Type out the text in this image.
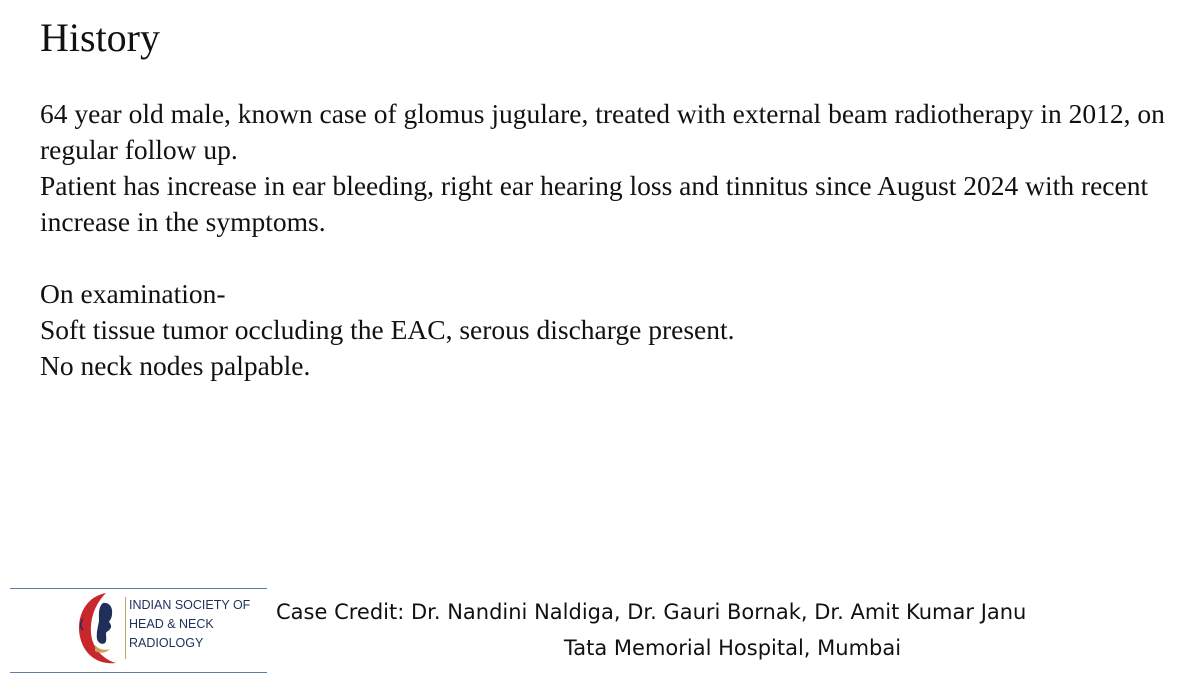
History

64 year old male, known case of glomus jugulare, treated with external beam radiotherapy in 2012, on regular follow up.

Patient has increase in ear bleeding, right ear hearing loss and tinnitus since August 2024 with recent increase in the symptoms.

On examination-

Soft tissue tumor occluding the EAC, serous discharge present.

No neck nodes palpable.

INDIAN SOCIETY OF
HEAD & NECK
RADIOLOGY
Case Credit: Dr. Nandini Naldiga, Dr. Gauri Bornak, Dr. Amit Kumar Janu
Tata Memorial Hospital, Mumbai
